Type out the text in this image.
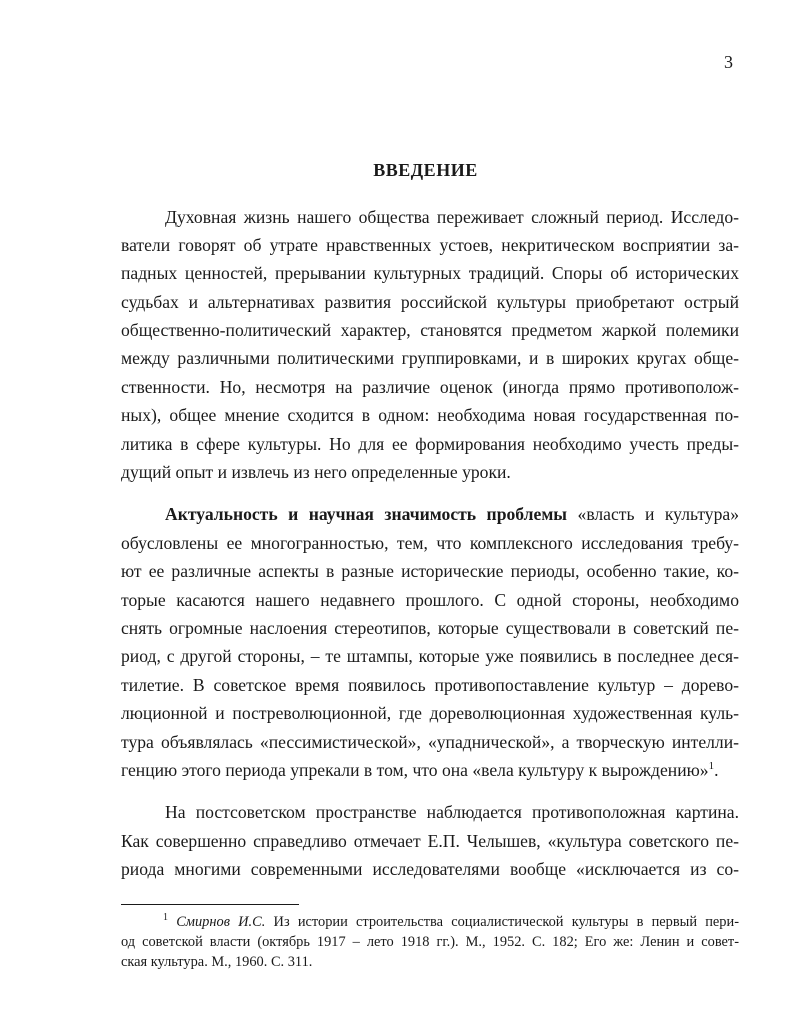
3
ВВЕДЕНИЕ
Духовная жизнь нашего общества переживает сложный период. Исследо-
ватели говорят об утрате нравственных устоев, некритическом восприятии за-
падных ценностей, прерывании культурных традиций. Споры об исторических
судьбах и альтернативах развития российской культуры приобретают острый
общественно-политический характер, становятся предметом жаркой полемики
между различными политическими группировками, и в широких кругах обще-
ственности. Но, несмотря на различие оценок (иногда прямо противополож-
ных), общее мнение сходится в одном: необходима новая государственная по-
литика в сфере культуры. Но для ее формирования необходимо учесть преды-
дущий опыт и извлечь из него определенные уроки.
Актуальность и научная значимость проблемы «власть и культура»
обусловлены ее многогранностью, тем, что комплексного исследования требу-
ют ее различные аспекты в разные исторические периоды, особенно такие, ко-
торые касаются нашего недавнего прошлого. С одной стороны, необходимо
снять огромные наслоения стереотипов, которые существовали в советский пе-
риод, с другой стороны, – те штампы, которые уже появились в последнее деся-
тилетие. В советское время появилось противопоставление культур – дорево-
люционной и постреволюционной, где дореволюционная художественная куль-
тура объявлялась «пессимистической», «упаднической», а творческую интелли-
генцию этого периода упрекали в том, что она «вела культуру к вырождению»$^1$.
На постсоветском пространстве наблюдается противоположная картина.
Как совершенно справедливо отмечает Е.П. Челышев, «культура советского пе-
риода многими современными исследователями вообще «исключается из со-
$^1$ Смирнов И.С. Из истории строительства социалистической культуры в первый пери-
од советской власти (октябрь 1917 – лето 1918 гг.). М., 1952. С. 182; Его же: Ленин и совет-
ская культура. М., 1960. С. 311.
